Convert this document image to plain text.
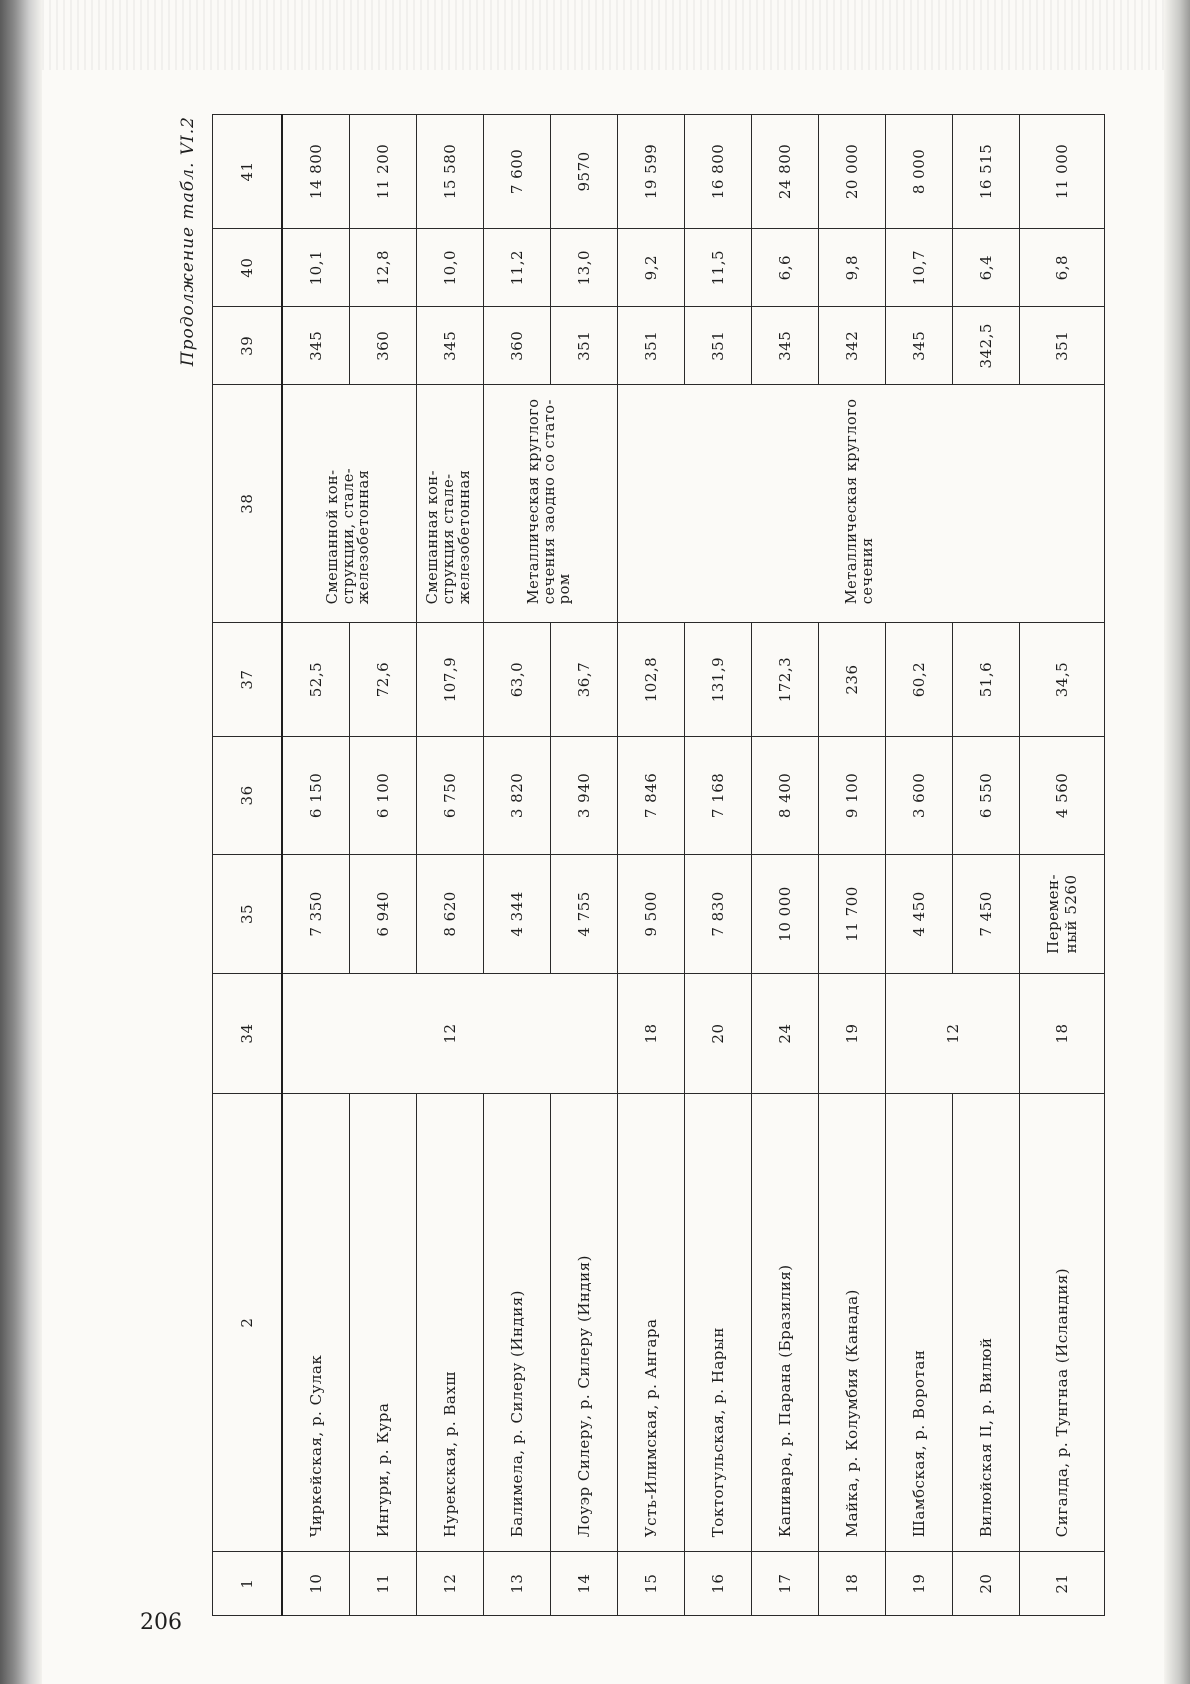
Продолжение табл. VI.2
1	2	34	35	36	37	38	39	40	41
10	Чиркейская, р. Сулак	12	7 350	6 150	52,5	Смешанной кон- струкции, стале- железобетонная	345	10,1	14 800
11	Ингури, р. Кура		6 940	6 100	72,6		360	12,8	11 200
12	Нурекская, р. Вахш		8 620	6 750	107,9	Смешанная кон- струкция стале- железобетонная	345	10,0	15 580
13	Балимела, р. Силеру (Индия)		4 344	3 820	63,0	Металлическая круглого сечения заодно со стато- ром	360	11,2	7 600
14	Лоуэр Силеру, р. Силеру (Индия)		4 755	3 940	36,7		351	13,0	9570
15	Усть-Илимская, р. Ангара	18	9 500	7 846	102,8	Металлическая круглого сечения	351	9,2	19 599
16	Токтогульская, р. Нарын	20	7 830	7 168	131,9		351	11,5	16 800
17	Капивара, р. Парана (Бразилия)	24	10 000	8 400	172,3		345	6,6	24 800
18	Майка, р. Колумбия (Канада)	19	11 700	9 100	236		342	9,8	20 000
19	Шамбская, р. Воротан	12	4 450	3 600	60,2		345	10,7	8 000
20	Вилюйская II, р. Вилюй		7 450	6 550	51,6		342,5	6,4	16 515
21	Сигалда, р. Тунгнаа (Исландия)	18	Перемен- ный 5260	4 560	34,5		351	6,8	11 000
206
